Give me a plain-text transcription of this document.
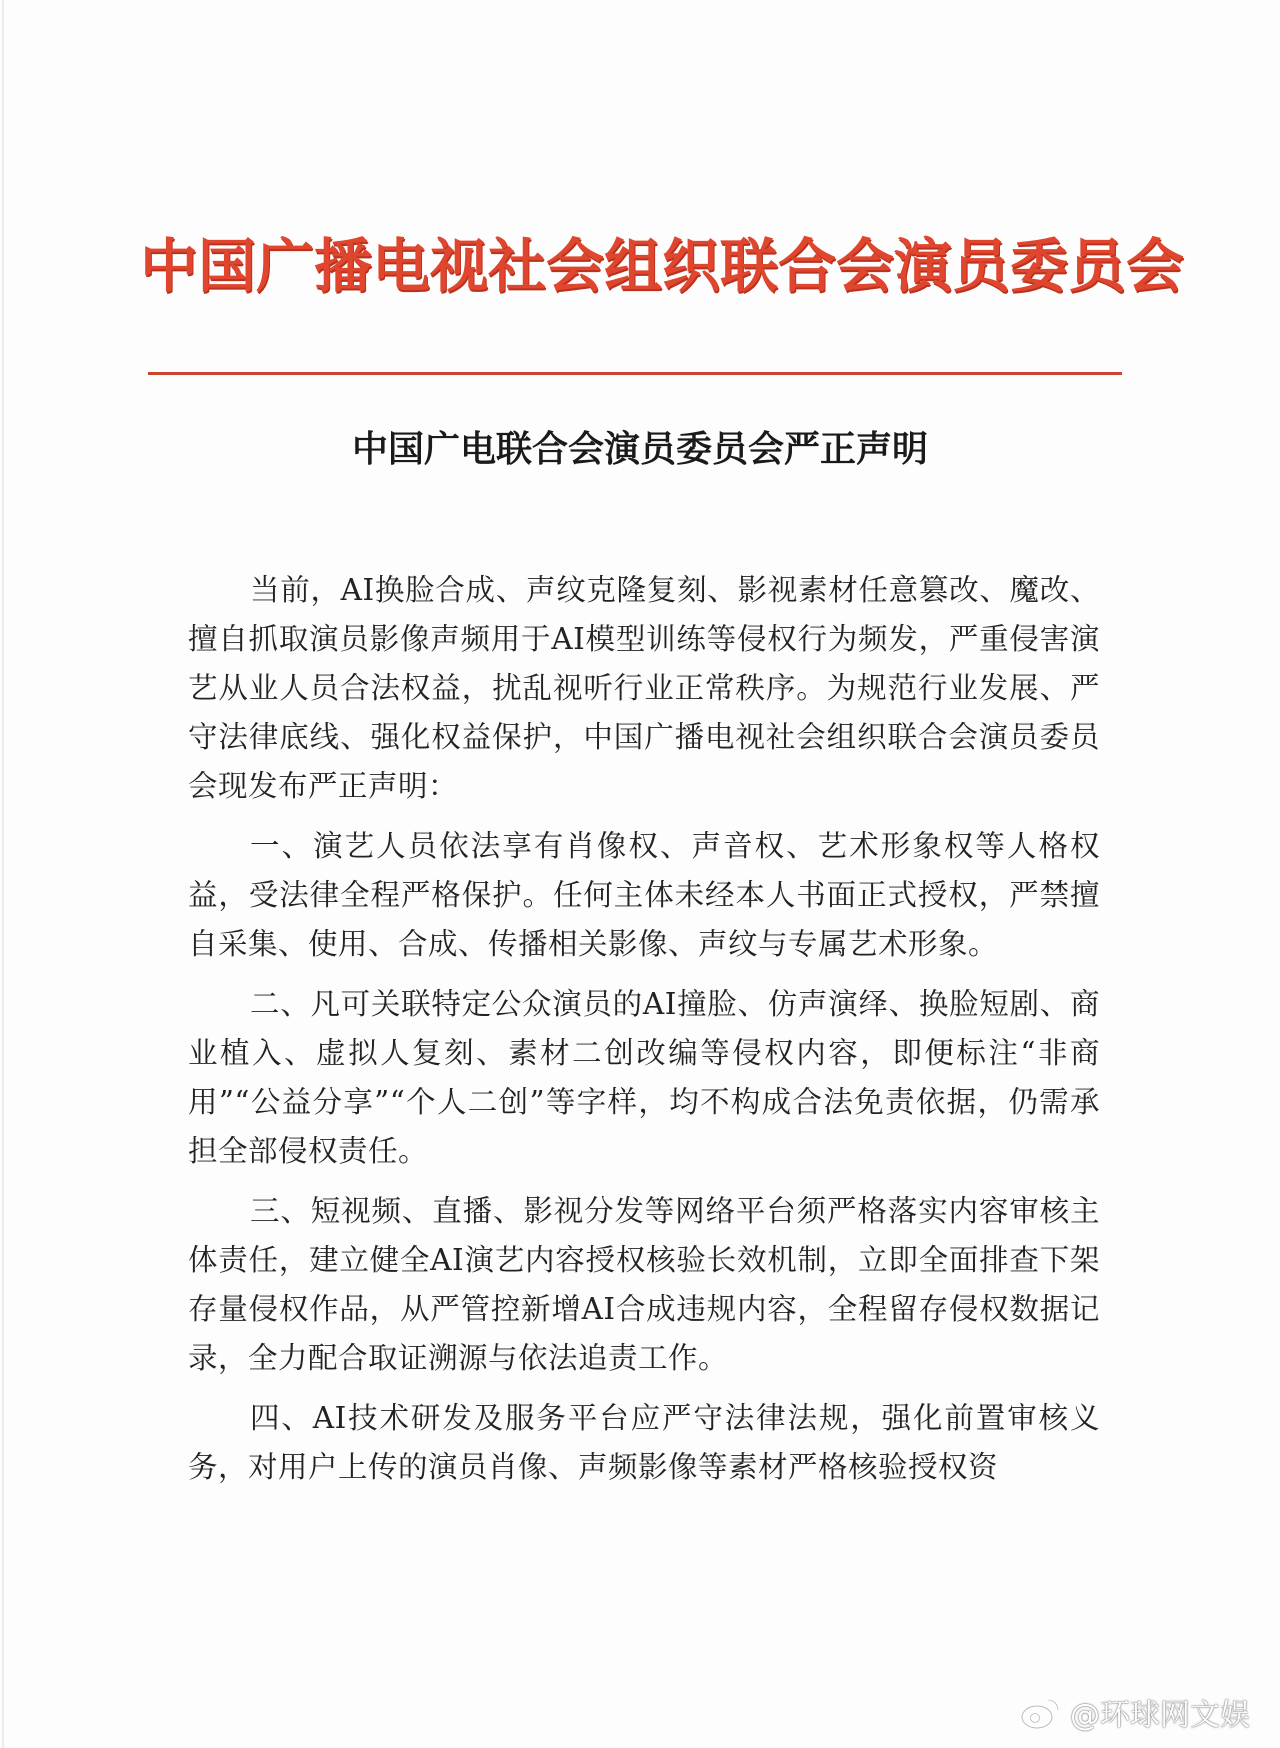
中国广播电视社会组织联合会演员委员会
中国广电联合会演员委员会严正声明

当前，AI换脸合成、声纹克隆复刻、影视素材任意篡改、魔改、擅自抓取演员影像声频用于AI模型训练等侵权行为频发，严重侵害演艺从业人员合法权益，扰乱视听行业正常秩序。为规范行业发展、严守法律底线、强化权益保护，中国广播电视社会组织联合会演员委员会现发布严正声明：

一、演艺人员依法享有肖像权、声音权、艺术形象权等人格权益，受法律全程严格保护。任何主体未经本人书面正式授权，严禁擅自采集、使用、合成、传播相关影像、声纹与专属艺术形象。

二、凡可关联特定公众演员的AI撞脸、仿声演绎、换脸短剧、商业植入、虚拟人复刻、素材二创改编等侵权内容，即便标注“非商用”“公益分享”“个人二创”等字样，均不构成合法免责依据，仍需承担全部侵权责任。

三、短视频、直播、影视分发等网络平台须严格落实内容审核主体责任，建立健全AI演艺内容授权核验长效机制，立即全面排查下架存量侵权作品，从严管控新增AI合成违规内容，全程留存侵权数据记录，全力配合取证溯源与依法追责工作。

四、AI技术研发及服务平台应严守法律法规，强化前置审核义务，对用户上传的演员肖像、声频影像等素材严格核验授权资

@环球网文娱
